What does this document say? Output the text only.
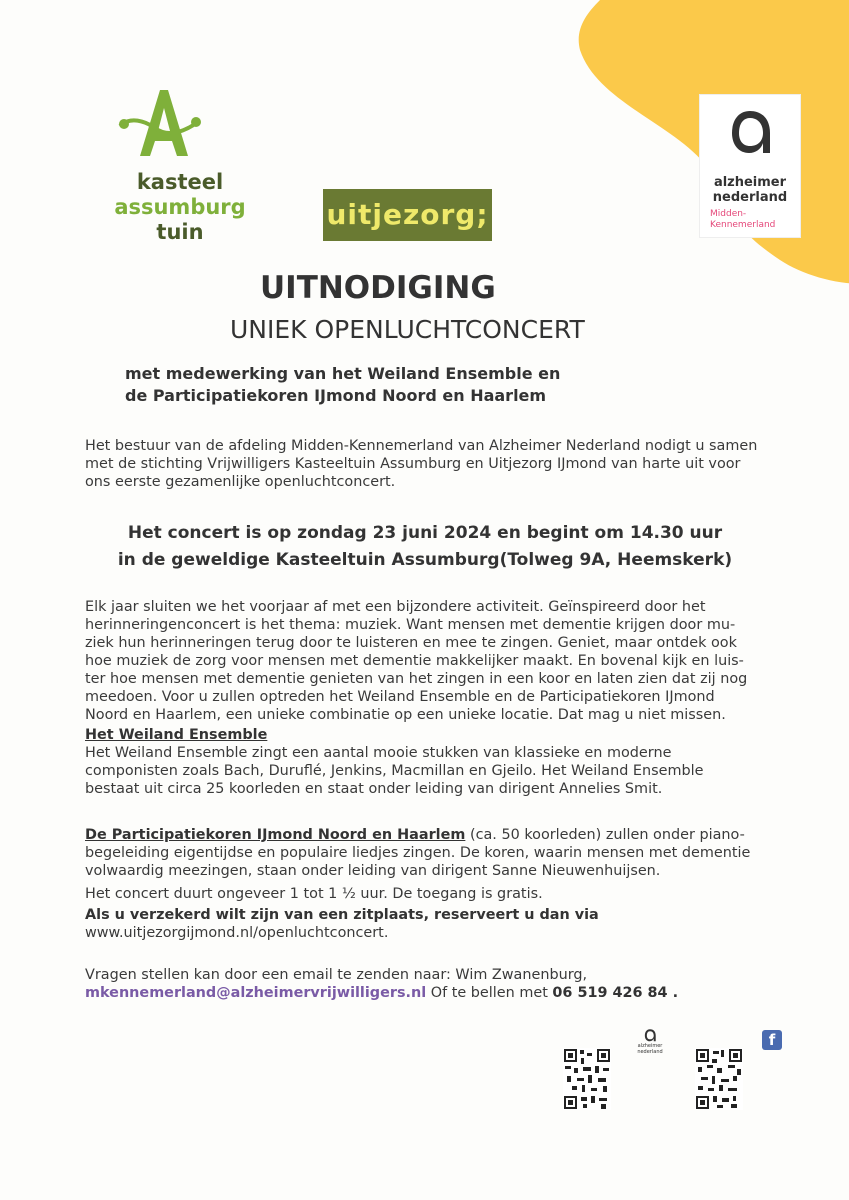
kasteel
assumburg
tuin
uitjezorg;
alzheimer
nederland
Midden-
Kennemerland
UITNODIGING
UNIEK OPENLUCHTCONCERT
met medewerking van het Weiland Ensemble en
de Participatiekoren IJmond Noord en Haarlem
Het bestuur van de afdeling Midden-Kennemerland van Alzheimer Nederland nodigt u samen
met de stichting Vrijwilligers Kasteeltuin Assumburg en Uitjezorg IJmond van harte uit voor
ons eerste gezamenlijke openluchtconcert.
Het concert is op zondag 23 juni 2024 en begint om 14.30 uur
in de geweldige Kasteeltuin Assumburg(Tolweg 9A, Heemskerk)
Elk jaar sluiten we het voorjaar af met een bijzondere activiteit. Geïnspireerd door het
herinneringenconcert is het thema: muziek. Want mensen met dementie krijgen door mu-
ziek hun herinneringen terug door te luisteren en mee te zingen. Geniet, maar ontdek ook
hoe muziek de zorg voor mensen met dementie makkelijker maakt. En bovenal kijk en luis-
ter hoe mensen met dementie genieten van het zingen in een koor en laten zien dat zij nog
meedoen. Voor u zullen optreden het Weiland Ensemble en de Participatiekoren IJmond
Noord en Haarlem, een unieke combinatie op een unieke locatie. Dat mag u niet missen.
Het Weiland Ensemble
Het Weiland Ensemble zingt een aantal mooie stukken van klassieke en moderne
componisten zoals Bach, Duruflé, Jenkins, Macmillan en Gjeilo. Het Weiland Ensemble
bestaat uit circa 25 koorleden en staat onder leiding van dirigent Annelies Smit.
De Participatiekoren IJmond Noord en Haarlem (ca. 50 koorleden) zullen onder piano-
begeleiding eigentijdse en populaire liedjes zingen. De koren, waarin mensen met dementie
volwaardig meezingen, staan onder leiding van dirigent Sanne Nieuwenhuijsen.
Het concert duurt ongeveer 1 tot 1 ½ uur. De toegang is gratis.
Als u verzekerd wilt zijn van een zitplaats, reserveert u dan via
www.uitjezorgijmond.nl/openluchtconcert.
Vragen stellen kan door een email te zenden naar: Wim Zwanenburg,
mkennemerland@alzheimervrijwilligers.nl Of te bellen met 06 519 426 84 .
alzheimer
nederland
f
